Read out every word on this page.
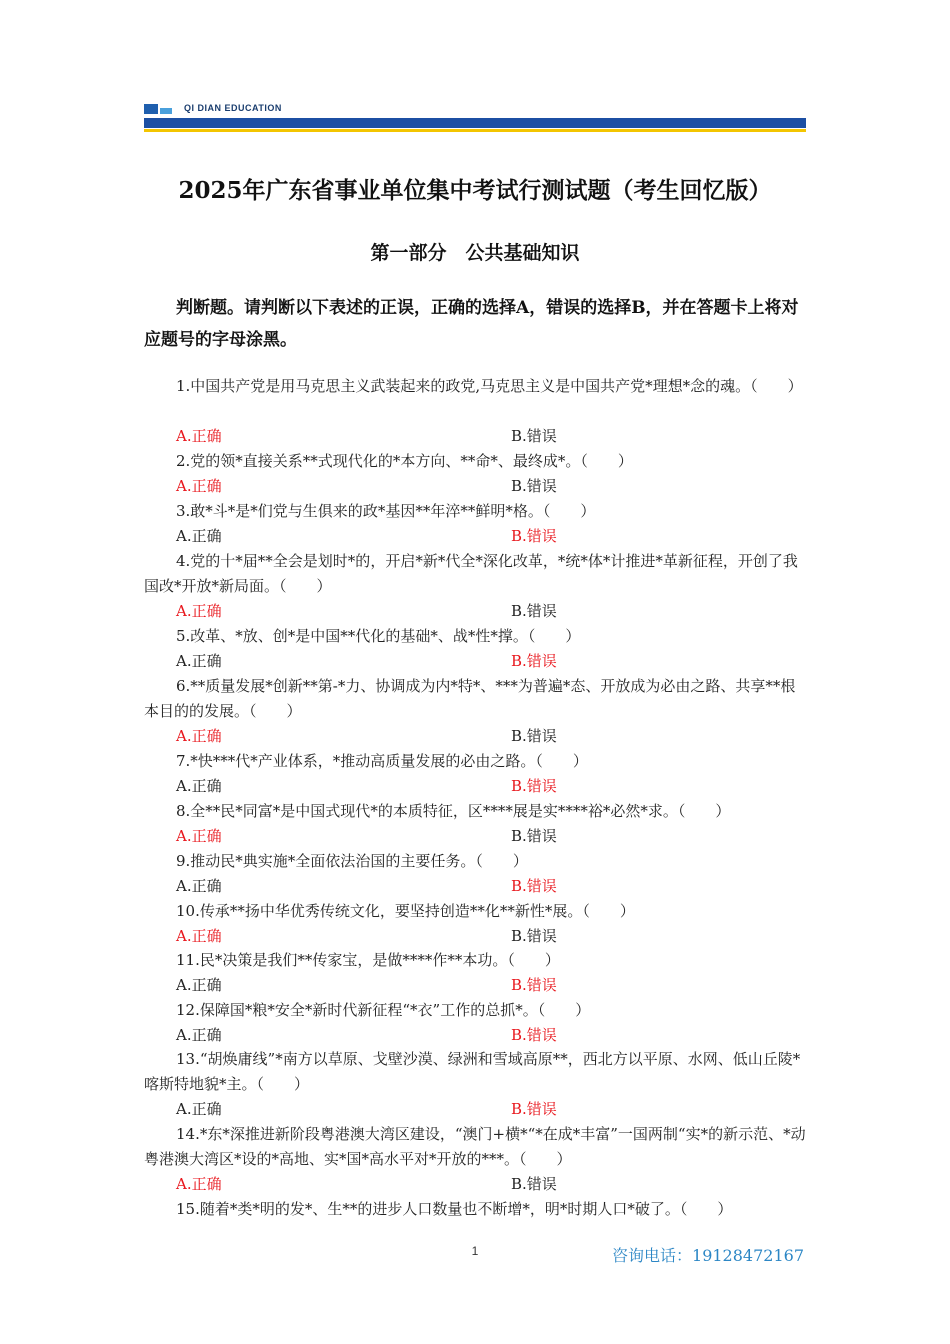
QI DIAN EDUCATION
2025年广东省事业单位集中考试行测试题（考生回忆版）
第一部分　公共基础知识
判断题。请判断以下表述的正误，正确的选择A，错误的选择B，并在答题卡上将对应题号的字母涂黑。
1.中国共产党是用马克思主义武装起来的政党,马克思主义是中国共产党*理想*念的魂。（　　）
A.正确	B.错误
2.党的领*直接关系**式现代化的*本方向、**命*、最终成*。（　　）
A.正确	B.错误
3.敢*斗*是*们党与生俱来的政*基因**年淬**鲜明*格。（　　）
A.正确	B.错误
4.党的十*届**全会是划时*的，开启*新*代全*深化改革，*统*体*计推进*革新征程，开创了我国改*开放*新局面。（　　）
A.正确	B.错误
5.改革、*放、创*是中国**代化的基础*、战*性*撑。（　　）
A.正确	B.错误
6.**质量发展*创新**第-*力、协调成为内*特*、***为普遍*态、开放成为必由之路、共享**根本目的的发展。（　　）
A.正确	B.错误
7.*快***代*产业体系，*推动高质量发展的必由之路。（　　）
A.正确	B.错误
8.全**民*同富*是中国式现代*的本质特征，区****展是实****裕*必然*求。（　　）
A.正确	B.错误
9.推动民*典实施*全面依法治国的主要任务。（　　）
A.正确	B.错误
10.传承**扬中华优秀传统文化，要坚持创造**化**新性*展。（　　）
A.正确	B.错误
11.民*决策是我们**传家宝，是做****作**本功。（　　）
A.正确	B.错误
12.保障国*粮*安全*新时代新征程“*衣”工作的总抓*。（　　）
A.正确	B.错误
13.“胡焕庸线”*南方以草原、戈壁沙漠、绿洲和雪域高原**，西北方以平原、水网、低山丘陵*喀斯特地貌*主。（　　）
A.正确	B.错误
14.*东*深推进新阶段粤港澳大湾区建设，“澳门+横*“*在成*丰富”一国两制“实*的新示范、*动粤港澳大湾区*设的*高地、实*国*高水平对*开放的***。（　　）
A.正确	B.错误
15.随着*类*明的发*、生**的进步人口数量也不断增*，明*时期人口*破了。（　　）
1	咨询电话：19128472167
